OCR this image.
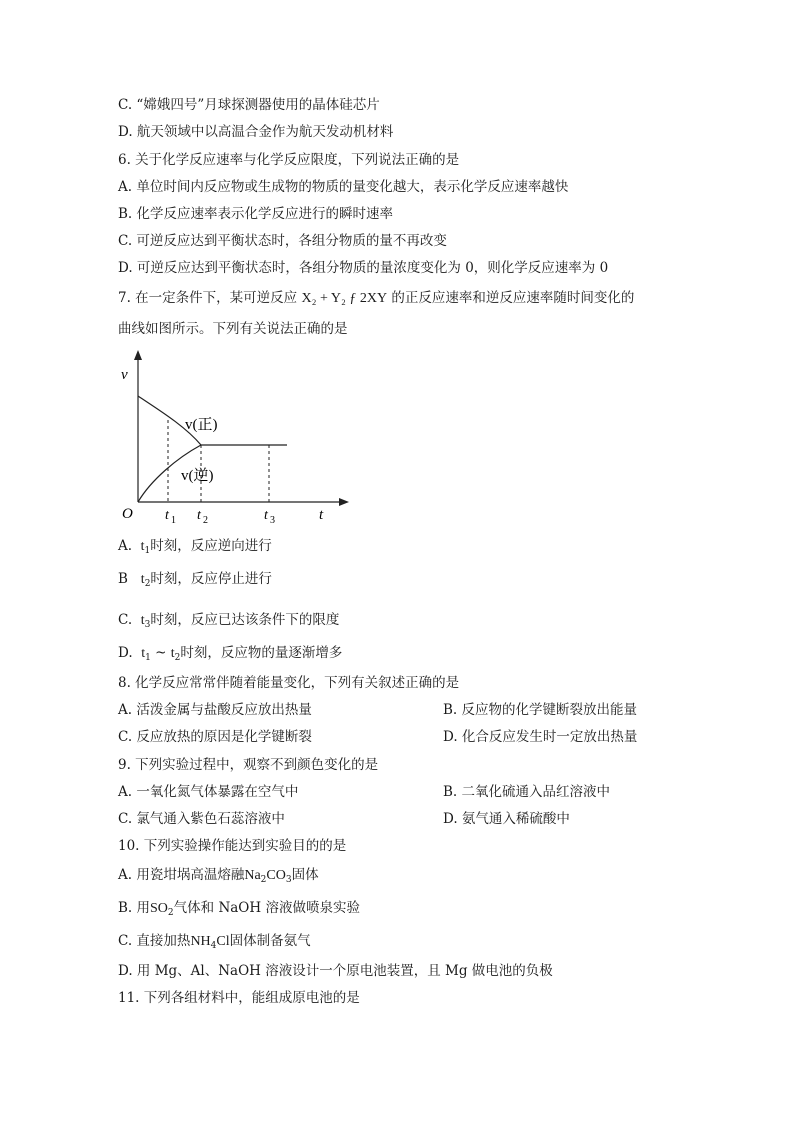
C. “嫦娥四号”月球探测器使用的晶体硅芯片
D. 航天领域中以高温合金作为航天发动机材料
6. 关于化学反应速率与化学反应限度，下列说法正确的是
A. 单位时间内反应物或生成物的物质的量变化越大，表示化学反应速率越快
B. 化学反应速率表示化学反应进行的瞬时速率
C. 可逆反应达到平衡状态时，各组分物质的量不再改变
D. 可逆反应达到平衡状态时，各组分物质的量浓度变化为 0，则化学反应速率为 0
7. 在一定条件下，某可逆反应 X₂ + Y₂ ƒ 2XY 的正反应速率和逆反应速率随时间变化的
曲线如图所示。下列有关说法正确的是
v
t
O
v(正)
v(逆)
t 1 t 2	t 3
A. $t_1$时刻，反应逆向进行
B $t_2$时刻，反应停止进行
C. $t_3$时刻，反应已达该条件下的限度
D. $t_1$ ~ $t_2$时刻，反应物的量逐渐增多
8. 化学反应常常伴随着能量变化，下列有关叙述正确的是
A. 活泼金属与盐酸反应放出热量	B. 反应物的化学键断裂放出能量
C. 反应放热的原因是化学键断裂	D. 化合反应发生时一定放出热量
9. 下列实验过程中，观察不到颜色变化的是
A. 一氧化氮气体暴露在空气中	B. 二氧化硫通入品红溶液中
C. 氯气通入紫色石蕊溶液中	D. 氨气通入稀硫酸中
10. 下列实验操作能达到实验目的的是
A. 用瓷坩埚高温熔融$Na_2CO_3$固体
B. 用$SO_2$气体和 NaOH 溶液做喷泉实验
C. 直接加热$NH_4Cl$固体制备氨气
D. 用 Mg、Al、NaOH 溶液设计一个原电池装置，且 Mg 做电池的负极
11. 下列各组材料中，能组成原电池的是
